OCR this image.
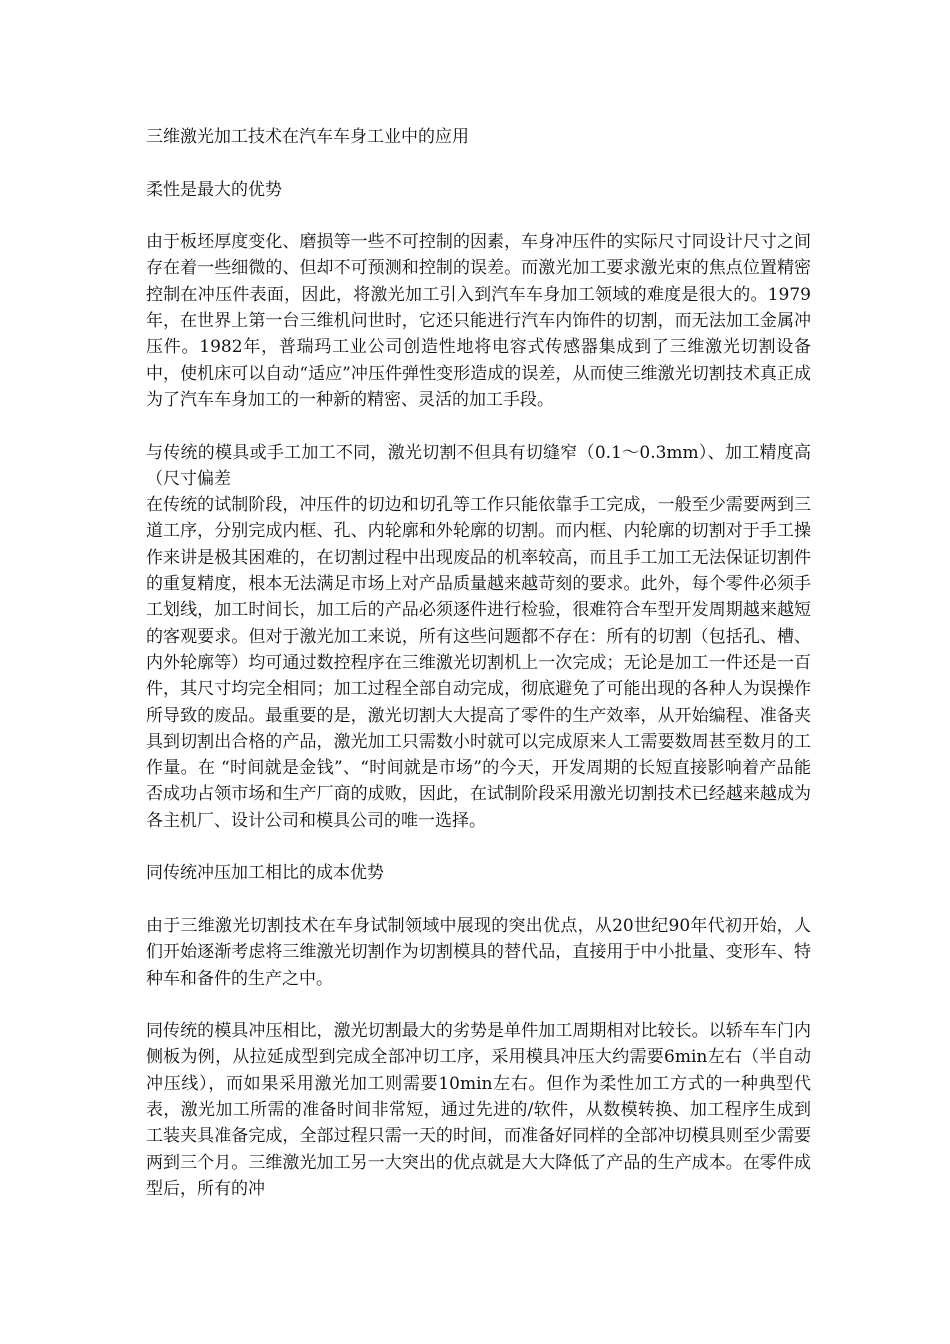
三维激光加工技术在汽车车身工业中的应用

柔性是最大的优势

由于板坯厚度变化、磨损等一些不可控制的因素，车身冲压件的实际尺寸同设计尺寸之间存在着一些细微的、但却不可预测和控制的误差。而激光加工要求激光束的焦点位置精密控制在冲压件表面，因此，将激光加工引入到汽车车身加工领域的难度是很大的。1979年，在世界上第一台三维机问世时，它还只能进行汽车内饰件的切割，而无法加工金属冲压件。1982年，普瑞玛工业公司创造性地将电容式传感器集成到了三维激光切割设备中，使机床可以自动“适应”冲压件弹性变形造成的误差，从而使三维激光切割技术真正成为了汽车车身加工的一种新的精密、灵活的加工手段。

与传统的模具或手工加工不同，激光切割不但具有切缝窄（0.1～0.3mm）、加工精度高（尺寸偏差

在传统的试制阶段，冲压件的切边和切孔等工作只能依靠手工完成，一般至少需要两到三道工序，分别完成内框、孔、内轮廓和外轮廓的切割。而内框、内轮廓的切割对于手工操作来讲是极其困难的，在切割过程中出现废品的机率较高，而且手工加工无法保证切割件的重复精度，根本无法满足市场上对产品质量越来越苛刻的要求。此外，每个零件必须手工划线，加工时间长，加工后的产品必须逐件进行检验，很难符合车型开发周期越来越短的客观要求。但对于激光加工来说，所有这些问题都不存在：所有的切割（包括孔、槽、内外轮廓等）均可通过数控程序在三维激光切割机上一次完成；无论是加工一件还是一百件，其尺寸均完全相同；加工过程全部自动完成，彻底避免了可能出现的各种人为误操作所导致的废品。最重要的是，激光切割大大提高了零件的生产效率，从开始编程、准备夹具到切割出合格的产品，激光加工只需数小时就可以完成原来人工需要数周甚至数月的工作量。在 “时间就是金钱”、“时间就是市场”的今天，开发周期的长短直接影响着产品能否成功占领市场和生产厂商的成败，因此，在试制阶段采用激光切割技术已经越来越成为各主机厂、设计公司和模具公司的唯一选择。

同传统冲压加工相比的成本优势

由于三维激光切割技术在车身试制领域中展现的突出优点，从20世纪90年代初开始，人们开始逐渐考虑将三维激光切割作为切割模具的替代品，直接用于中小批量、变形车、特种车和备件的生产之中。

同传统的模具冲压相比，激光切割最大的劣势是单件加工周期相对比较长。以轿车车门内侧板为例，从拉延成型到完成全部冲切工序，采用模具冲压大约需要6min左右（半自动冲压线），而如果采用激光加工则需要10min左右。但作为柔性加工方式的一种典型代表，激光加工所需的准备时间非常短，通过先进的/软件，从数模转换、加工程序生成到工装夹具准备完成，全部过程只需一天的时间，而准备好同样的全部冲切模具则至少需要两到三个月。三维激光加工另一大突出的优点就是大大降低了产品的生产成本。在零件成型后，所有的冲
